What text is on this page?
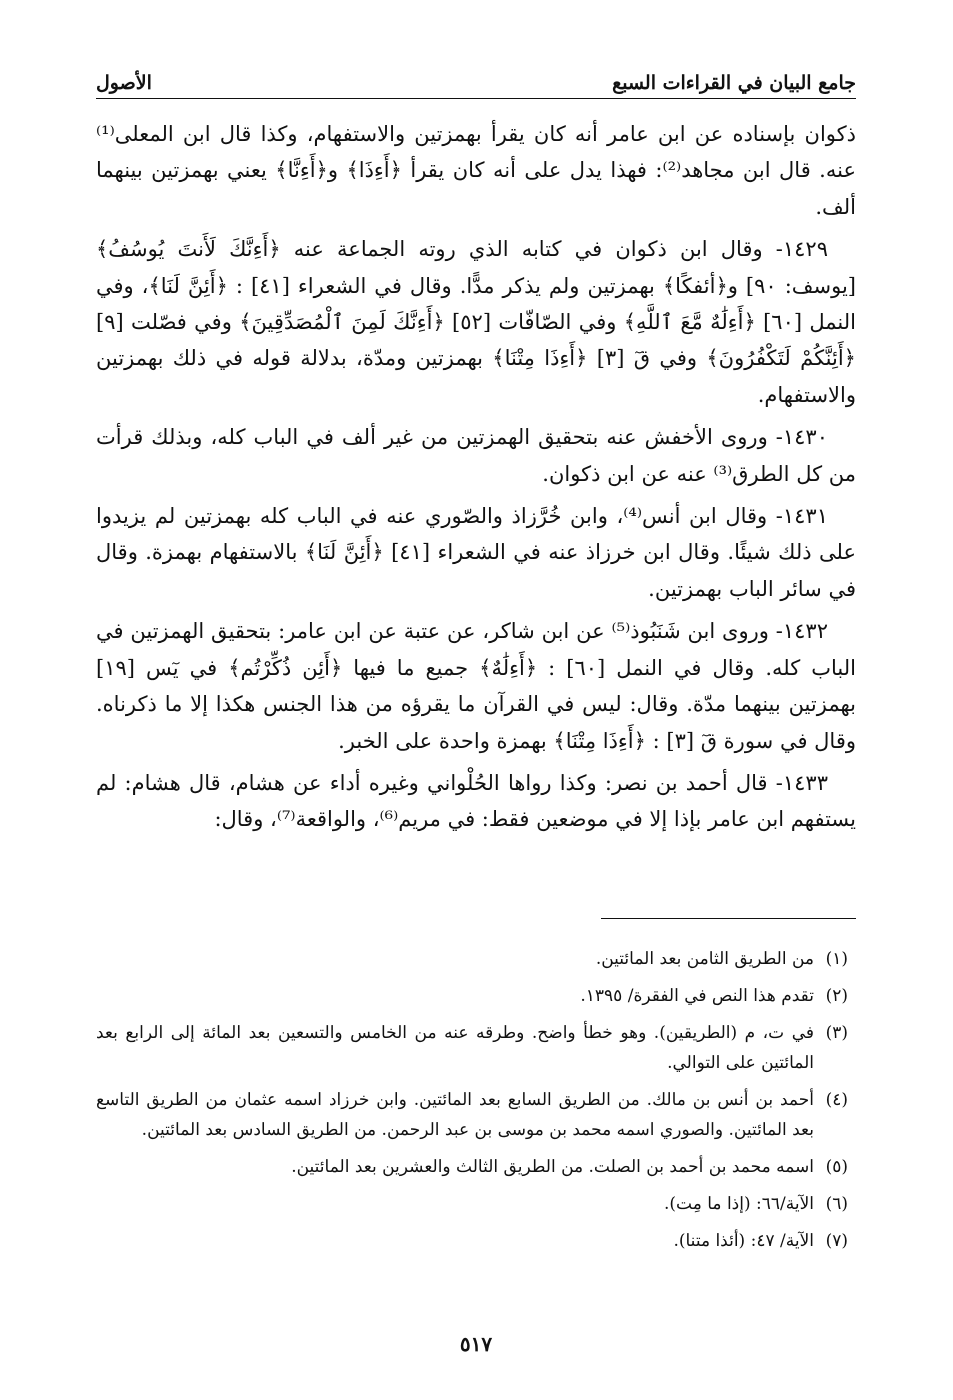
جامع البيان في القراءات السبع
الأصول

ذكوان بإسناده عن ابن عامر أنه كان يقرأ بهمزتين والاستفهام، وكذا قال ابن المعلى⁽¹⁾ عنه. قال ابن مجاهد⁽²⁾: فهذا يدل على أنه كان يقرأ ﴿أَءِذَا﴾ و﴿أَءِنَّا﴾ يعني بهمزتين بينهما ألف.

١٤٢٩- وقال ابن ذكوان في كتابه الذي روته الجماعة عنه ﴿أَءِنَّكَ لَأَنتَ يُوسُفُ﴾ [يوسف: ٩٠] و﴿أئفكًا﴾ بهمزتين ولم يذكر مدًّا. وقال في الشعراء [٤١] : ﴿أَئِنَّ لَنَا﴾، وفي النمل [٦٠] ﴿أَءِلَٰهٌ مَّعَ ٱللَّهِ﴾ وفي الصّافّات [٥٢] ﴿أَءِنَّكَ لَمِنَ ٱلْمُصَدِّقِينَ﴾ وفي فصّلت [٩] ﴿أَئِنَّكُمْ لَتَكْفُرُونَ﴾ وفي قٓ [٣] ﴿أَءِذَا مِتْنَا﴾ بهمزتين ومدّة، بدلالة قوله في ذلك بهمزتين والاستفهام.

١٤٣٠- وروى الأخفش عنه بتحقيق الهمزتين من غير ألف في الباب كله، وبذلك قرأت من كل الطرق⁽³⁾ عنه عن ابن ذكوان.

١٤٣١- وقال ابن أنس⁽⁴⁾، وابن خُرَّزاذ والصّوري عنه في الباب كله بهمزتين لم يزيدوا على ذلك شيئًا. وقال ابن خرزاذ عنه في الشعراء [٤١] ﴿أَئِنَّ لَنَا﴾ بالاستفهام بهمزة. وقال في سائر الباب بهمزتين.

١٤٣٢- وروى ابن شَنَبُوذ⁽⁵⁾ عن ابن شاكر، عن عتبة عن ابن عامر: بتحقيق الهمزتين في الباب كله. وقال في النمل [٦٠] : ﴿أَءِلَٰهٌ﴾ جميع ما فيها ﴿أَئِن ذُكِّرْتُم﴾ في يٓس [١٩] بهمزتين بينهما مدّة. وقال: ليس في القرآن ما يقرؤه من هذا الجنس هكذا إلا ما ذكرناه. وقال في سورة قٓ [٣] : ﴿أَءِذَا مِتْنَا﴾ بهمزة واحدة على الخبر.

١٤٣٣- قال أحمد بن نصر: وكذا رواها الحُلْواني وغيره أداء عن هشام، قال هشام: لم يستفهم ابن عامر بإذا إلا في موضعين فقط: في مريم⁽⁶⁾، والواقعة⁽⁷⁾، وقال:

(١)
من الطريق الثامن بعد المائتين.
(٢)
تقدم هذا النص في الفقرة/ ١٣٩٥.
(٣)
في ت، م (الطريقين). وهو خطأ واضح. وطرقه عنه من الخامس والتسعين بعد المائة إلى الرابع بعد المائتين على التوالي.
(٤)
أحمد بن أنس بن مالك. من الطريق السابع بعد المائتين. وابن خرزاد اسمه عثمان من الطريق التاسع بعد المائتين. والصوري اسمه محمد بن موسى بن عبد الرحمن. من الطريق السادس بعد المائتين.
(٥)
اسمه محمد بن أحمد بن الصلت. من الطريق الثالث والعشرين بعد المائتين.
(٦)
الآية/٦٦: (إذا ما مِت).
(٧)
الآية/ ٤٧: (أئذا متنا).
٥١٧
